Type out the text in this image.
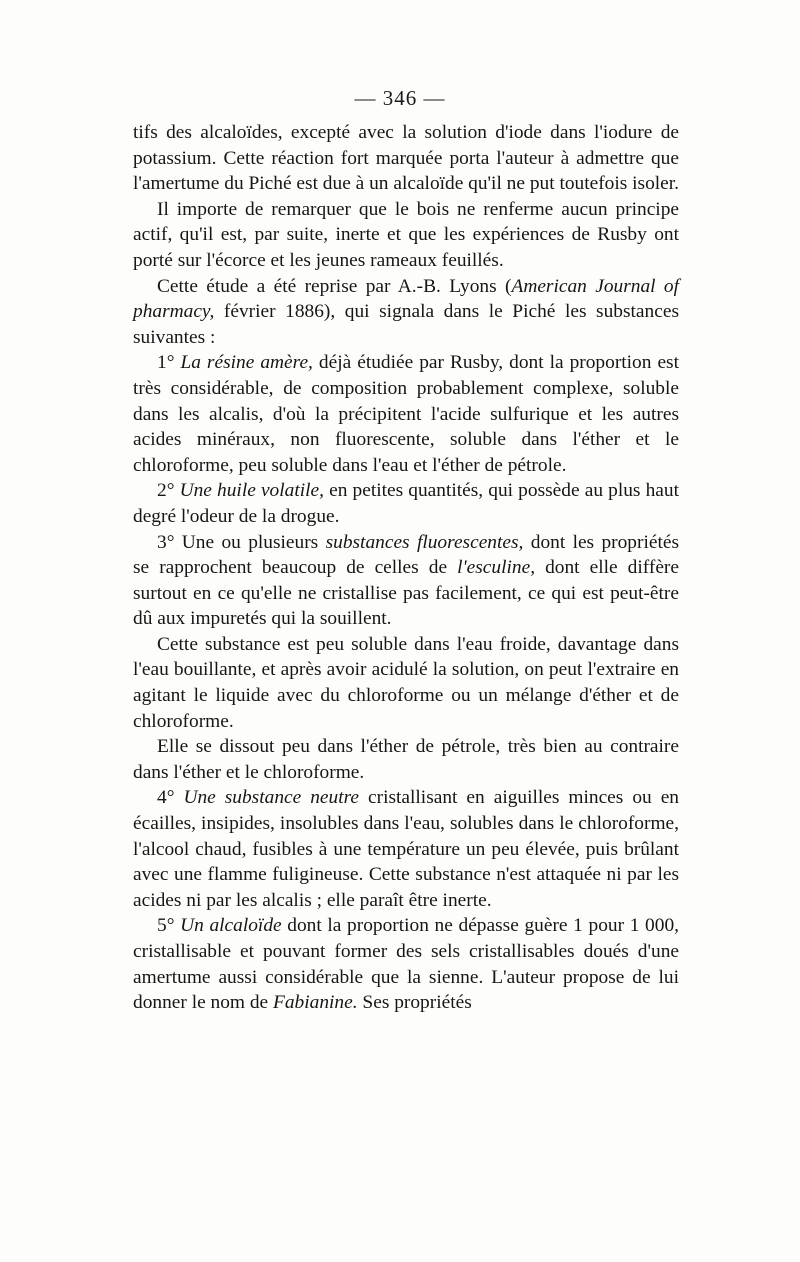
— 346 —

tifs des alcaloïdes, excepté avec la solution d'iode dans l'iodure de potassium. Cette réaction fort marquée porta l'auteur à admettre que l'amertume du Piché est due à un alcaloïde qu'il ne put toutefois isoler.

Il importe de remarquer que le bois ne renferme aucun principe actif, qu'il est, par suite, inerte et que les expériences de Rusby ont porté sur l'écorce et les jeunes rameaux feuillés.

Cette étude a été reprise par A.-B. Lyons (American Journal of pharmacy, février 1886), qui signala dans le Piché les substances suivantes :

1° La résine amère, déjà étudiée par Rusby, dont la proportion est très considérable, de composition probablement complexe, soluble dans les alcalis, d'où la précipitent l'acide sulfurique et les autres acides minéraux, non fluorescente, soluble dans l'éther et le chloroforme, peu soluble dans l'eau et l'éther de pétrole.

2° Une huile volatile, en petites quantités, qui possède au plus haut degré l'odeur de la drogue.

3° Une ou plusieurs substances fluorescentes, dont les propriétés se rapprochent beaucoup de celles de l'esculine, dont elle diffère surtout en ce qu'elle ne cristallise pas facilement, ce qui est peut-être dû aux impuretés qui la souillent.

Cette substance est peu soluble dans l'eau froide, davantage dans l'eau bouillante, et après avoir acidulé la solution, on peut l'extraire en agitant le liquide avec du chloroforme ou un mélange d'éther et de chloroforme.

Elle se dissout peu dans l'éther de pétrole, très bien au contraire dans l'éther et le chloroforme.

4° Une substance neutre cristallisant en aiguilles minces ou en écailles, insipides, insolubles dans l'eau, solubles dans le chloroforme, l'alcool chaud, fusibles à une température un peu élevée, puis brûlant avec une flamme fuligineuse. Cette substance n'est attaquée ni par les acides ni par les alcalis ; elle paraît être inerte.

5° Un alcaloïde dont la proportion ne dépasse guère 1 pour 1 000, cristallisable et pouvant former des sels cristallisables doués d'une amertume aussi considérable que la sienne. L'auteur propose de lui donner le nom de Fabianine. Ses propriétés
